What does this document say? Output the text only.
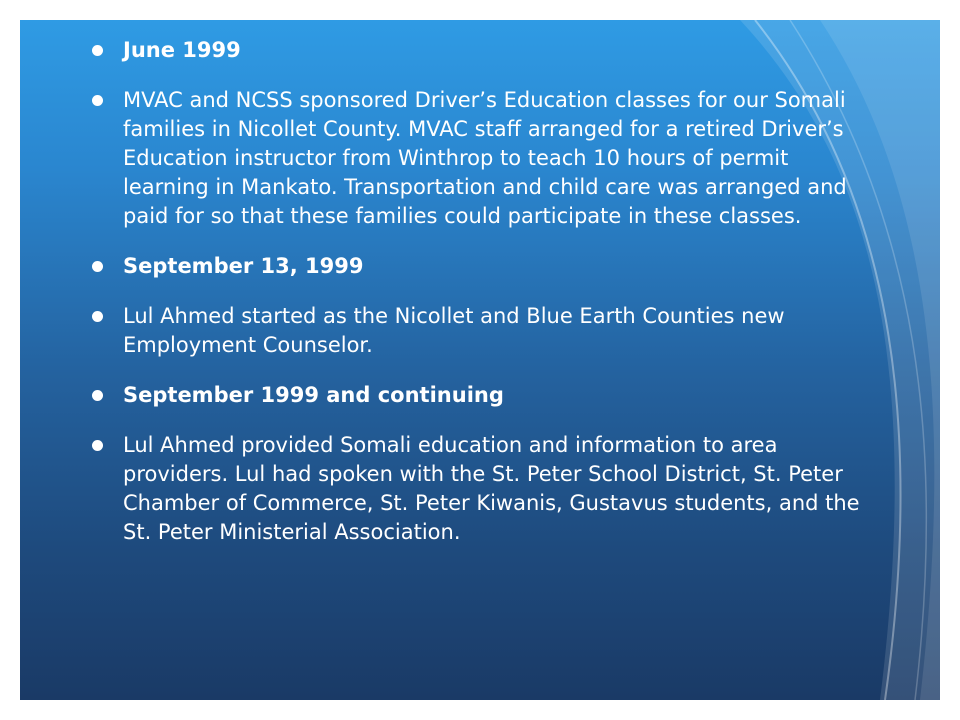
June 1999
MVAC and NCSS sponsored Driver’s Education classes for our Somali families in Nicollet County. MVAC staff arranged for a retired Driver’s Education instructor from Winthrop to teach 10 hours of permit learning in Mankato. Transportation and child care was arranged and paid for so that these families could participate in these classes.
September 13, 1999
Lul Ahmed started as the Nicollet and Blue Earth Counties new Employment Counselor.
September 1999 and continuing
Lul Ahmed provided Somali education and information to area providers. Lul had spoken with the St. Peter School District, St. Peter Chamber of Commerce, St. Peter Kiwanis, Gustavus students, and the St. Peter Ministerial Association.
